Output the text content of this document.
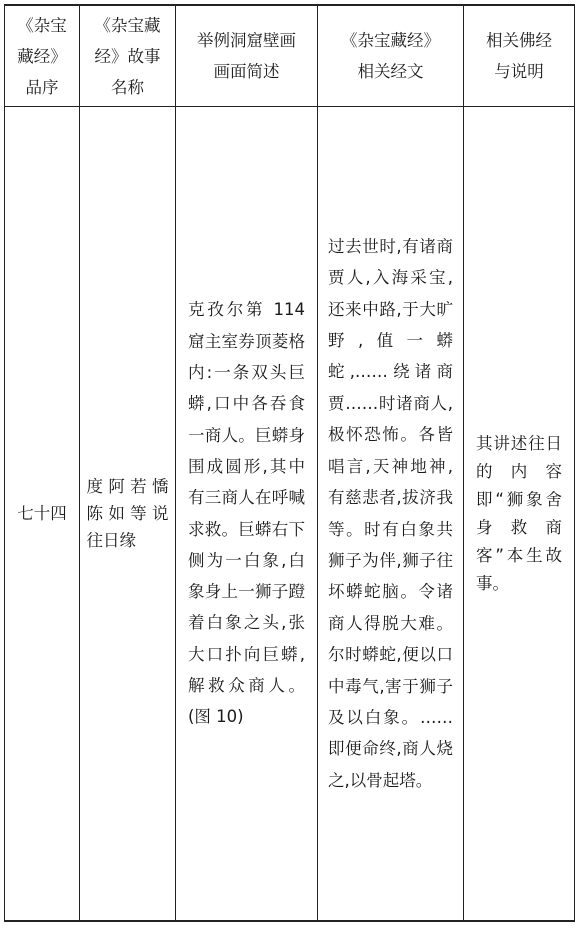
《杂宝
藏经》
品序
《杂宝藏
经》故事
名称
举例洞窟壁画
画面简述
《杂宝藏经》
相关经文
相关佛经
与说明
七十四
度阿若憍陈如等说往日缘
克孜尔第 114 窟主室券顶菱格内:一条双头巨蟒,口中各吞食一商人。巨蟒身围成圆形,其中有三商人在呼喊求救。巨蟒右下侧为一白象,白象身上一狮子蹬着白象之头,张大口扑向巨蟒,解救众商人。(图 10)
过去世时,有诸商贾人,入海采宝,还来中路,于大旷野,值一蟒蛇,……绕诸商贾……时诸商人,极怀恐怖。各皆唱言,天神地神,有慈悲者,拔济我等。时有白象共狮子为伴,狮子往坏蟒蛇脑。令诸商人得脱大难。尔时蟒蛇,便以口中毒气,害于狮子及以白象。……即便命终,商人烧之,以骨起塔。
其讲述往日的内容即“狮象舍身救商客”本生故事。
